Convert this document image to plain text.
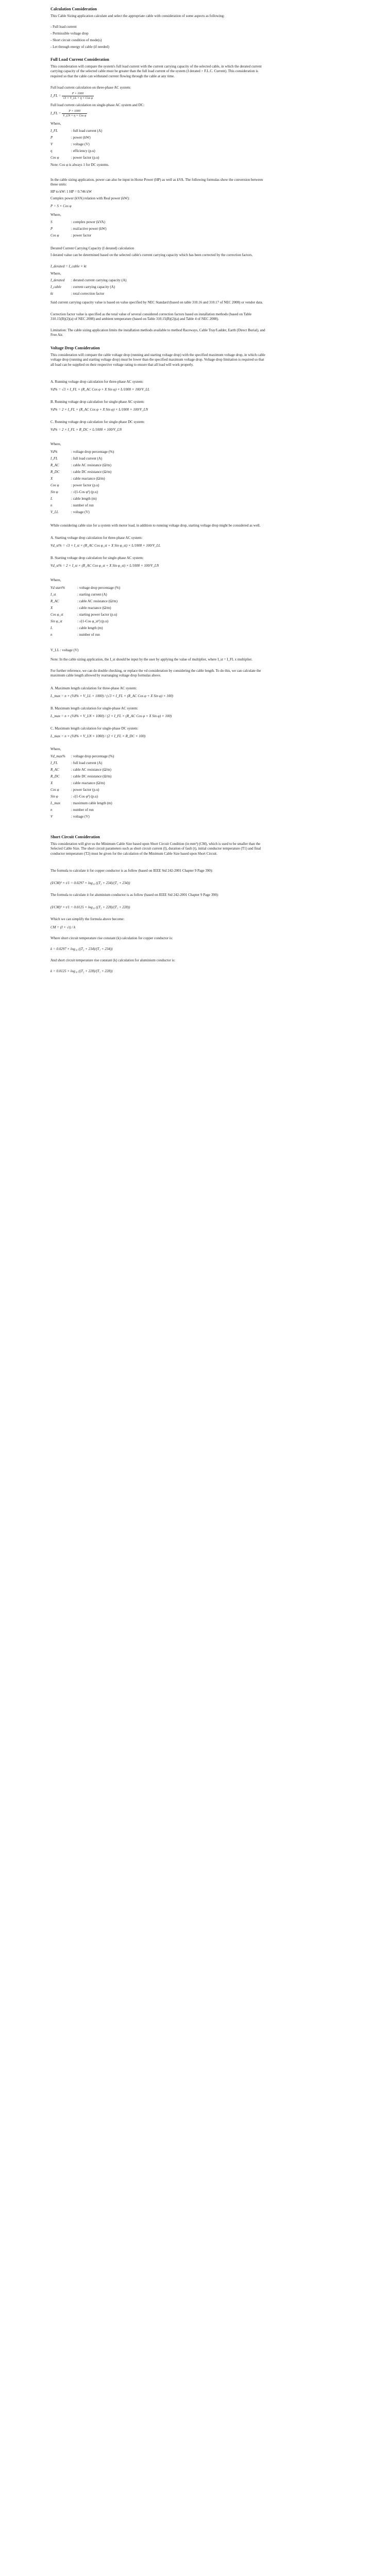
Calculation Consideration

This Cable Sizing application calculate and select the appropriate cable with consideration of some aspects as following:

- Full load current

- Permissible voltage drop

- Short circuit condition of mode(s)

- Let through energy of cable (if needed)

Full Load Current Consideration

This consideration will compare the system's full load current with the current carrying capacity of the selected cable, in which the derated current carrying capacity of the selected cable must be greater than the full load current of the system (I derated > F.L.C. Current). This consideration is required so that the cable can withstand current flowing through the cable at any time.

Full load current calculation on three-phase AC system:

I_FL = $\frac{P \times 1000}{\text{√3 × V\_LL × η × Cos φ}}$

Full load current calculation on single-phase AC system and DC:

I_FL = $\frac{P \times 1000}{\text{V\_LN × η × Cos φ}}$

Where,

I_FL	: full load current (A)
P	: power (kW)
V	: voltage (V)
η	: efficiency (p.u)
Cos φ	: power factor (p.u)

Note: Cos φ is always 1 for DC systems.

In the cable sizing application, power can also be input in Horse Power (HP) as well as kVA. The following formulas show the conversion between these units:

HP to kW: 1 HP = 0.746 kW

Complex power (kVA) relation with Real power (kW):

P = S × Cos φ

Where,

S	: complex power (kVA)
P	: real/active power (kW)
Cos φ	: power factor

Derated Current Carrying Capacity (I derated) calculation

I derated value can be determined based on the selected cable's current carrying capacity which has been corrected by the correction factors.

I_derated = I_cable × kt

Where,

I_derated : derated current carrying capacity (A)
I_cable	: current carrying capacity (A)
kt	: total correction factor

Said current carrying capacity value is based on value specified by NEC Standard (based on table 310.16 and 310.17 of NEC 2008) or vendor data.

Correction factor value is specified as the total value of several considered correction factors based on installation methods (based on Table 310.15(B)(2)(a) of NEC 2008) and ambient temperature (based on Table 310.15(B)(2)(a) and Table 4 of NEC 2008).

Limitation: The cable sizing application limits the installation methods available to method Raceways, Cable Tray/Ladder, Earth (Direct Burial), and Free Air.

Voltage Drop Consideration

This consideration will compare the cable voltage drop (running and starting voltage drop) with the specified maximum voltage drop, in which cable voltage drop (running and starting voltage drop) must be lower than the specified maximum voltage drop. Voltage drop limitation is required so that all load can be supplied on their respective voltage rating to ensure that all load will work properly.

A. Running voltage drop calculation for three-phase AC system:

Vd% = √3 × I_FL × (R_AC Cos φ + X Sin φ) × L/1000 × 100/V_LL

B. Running voltage drop calculation for single-phase AC system:

Vd% = 2 × I_FL × (R_AC Cos φ + X Sin φ) × L/1000 × 100/V_LN

C. Running voltage drop calculation for single-phase DC system:

Vd% = 2 × I_FL × R_DC × L/1000 × 100/V_LN

Where,

Vd%	: voltage drop percentage (%)
I_FL	: full load current (A)
R_AC	: cable AC resistance (Ω/m)
R_DC	: cable DC resistance (Ω/m)
X	: cable reactance (Ω/m)
Cos φ	: power factor (p.u)
Sin φ	: √(1-Cos φ²) (p.u)
L	: cable length (m)
n	: number of run
V_LL	: voltage (V)

While considering cable size for a system with motor load, in addition to running voltage drop, starting voltage drop might be considered as well.

A. Starting voltage drop calculation for three-phase AC system:

Vd_st% = √3 × I_st × (R_AC Cos φ_st + X Sin φ_st) × L/1000 × 100/V_LL

B. Starting voltage drop calculation for single-phase AC system:

Vd_st% = 2 × I_st × (R_AC Cos φ_st + X Sin φ_st) × L/1000 × 100/V_LN

Where,

Vd start%	: voltage drop percentage (%)
I_st	: starting current (A)
R_AC	: cable AC resistance (Ω/m)
X	: cable reactance (Ω/m)
Cos φ_st	: starting power factor (p.u)
Sin φ_st	: √(1-Cos φ_st²) (p.u)
L	: cable length (m)
n	: number of run

V_LL : voltage (V)

Note: In the cable sizing application, the I_st should be input by the user by applying the value of multiplier, where I_st = I_FL x multiplier.

For further reference, we can do double checking, or replace the vd consideration by considering the cable length. To do this, we can calculate the maximum cable length allowed by rearranging voltage drop formulas above.

A. Maximum length calculation for three-phase AC system:

L_max = n × (Vd% × V_LL × 1000) / (√3 × I_FL × (R_AC Cos φ + X Sin φ) × 100)

B. Maximum length calculation for single-phase AC system:

L_max = n × (Vd% × V_LN × 1000) / (2 × I_FL × (R_AC Cos φ + X Sin φ) × 100)

C. Maximum length calculation for single-phase DC system:

L_max = n × (Vd% × V_LN × 1000) / (2 × I_FL × R_DC × 100)

Where,

Vd_max% : voltage drop percentage (%)
I_FL	: full load current (A)
R_AC	: cable AC resistance (Ω/m)
R_DC	: cable DC resistance (Ω/m)
X	: cable reactance (Ω/m)
Cos φ	: power factor (p.u)
Sin φ	: √(1-Cos φ²) (p.u)
L_max	: maximum cable length (m)
n	: number of run
V	: voltage (V)
Short Circuit Consideration

This consideration will give us the Minimum Cable Size based upon Short Circuit Condition (in mm²) (CM), which is used to be smaller than the Selected Cable Size. The short circuit parameters such as short circuit current (I), duration of fault (t), initial conductor temperature (T1) and final conductor temperature (T2) must be given for the calculation of the Minimum Cable Size based upon Short Circuit.

The formula to calculate it for copper conductor is as follow (based on IEEE Std 242-2001 Chapter 9 Page 390):

(I/CM)² × t/1 = 0.0297 × log₁₀ ((T₂ + 234)/(T₁ + 234))

The formula to calculate it for aluminium conductor is as follow (based on IEEE Std 242-2001 Chapter 9 Page 390):

(I/CM)² × t/1 = 0.0125 × log₁₀ ((T₂ + 228)/(T₁ + 228))

Which we can simplify the formula above become:

CM = (I × √t) / k

Where short circuit temperature rise constant (k) calculation for copper conductor is:

k = 0.0297 × log₁₀ ((T₂ + 234)/(T₁ + 234))

And short circuit temperature rise constant (k) calculation for aluminium conductor is:

k = 0.0125 × log₁₀ ((T₂ + 228)/(T₁ + 228))
